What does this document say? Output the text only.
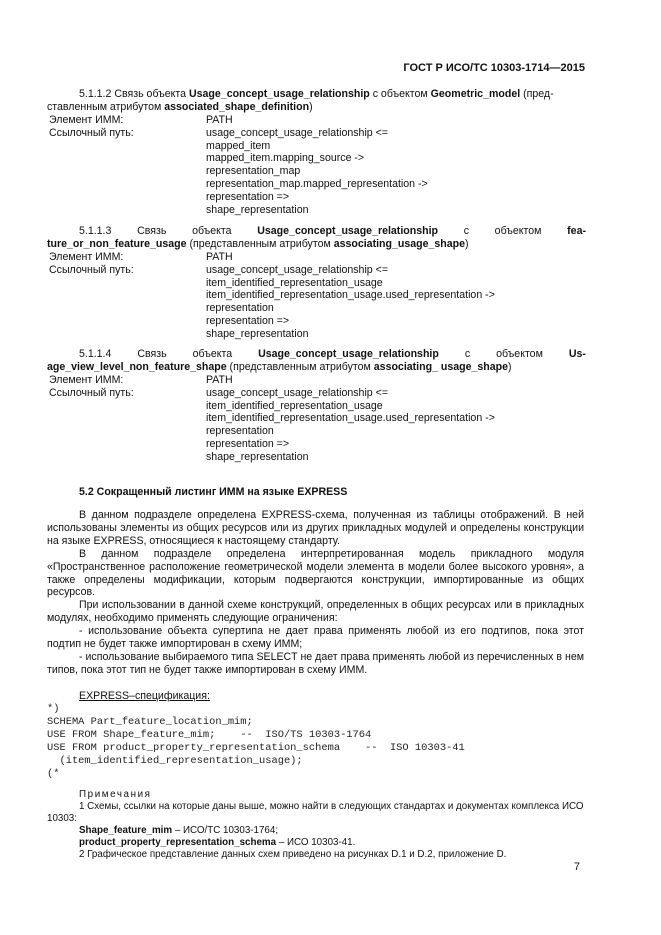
ГОСТ Р ИСО/ТС 10303-1714—2015
5.1.1.2 Связь объекта Usage_concept_usage_relationship с объектом Geometric_model (пред-
ставленным атрибутом associated_shape_definition)
Элемент ИММ:	PATH
Ссылочный путь:	usage_concept_usage_relationship <=
mapped_item
mapped_item.mapping_source ->
representation_map
representation_map.mapped_representation ->
representation =>
shape_representation
5.1.1.3 Связь объекта Usage_concept_usage_relationship с объектом fea-
ture_or_non_feature_usage (представленным атрибутом associating_usage_shape)
Элемент ИММ:	PATH
Ссылочный путь:	usage_concept_usage_relationship <=
item_identified_representation_usage
item_identified_representation_usage.used_representation ->
representation
representation =>
shape_representation
5.1.1.4 Связь объекта Usage_concept_usage_relationship с объектом Us-
age_view_level_non_feature_shape (представленным атрибутом associating_ usage_shape)
Элемент ИММ:	PATH
Ссылочный путь:	usage_concept_usage_relationship <=
item_identified_representation_usage
item_identified_representation_usage.used_representation ->
representation
representation =>
shape_representation
5.2 Сокращенный листинг ИММ на языке EXPRESS

В данном подразделе определена EXPRESS-схема, полученная из таблицы отображений. В ней использованы элементы из общих ресурсов или из других прикладных модулей и определены конструкции на языке EXPRESS, относящиеся к настоящему стандарту.

В данном подразделе определена интерпретированная модель прикладного модуля «Пространственное расположение геометрической модели элемента в модели более высокого уровня», а также определены модификации, которым подвергаются конструкции, импортированные из общих ресурсов.

При использовании в данной схеме конструкций, определенных в общих ресурсах или в прикладных модулях, необходимо применять следующие ограничения:

- использование объекта супертипа не дает права применять любой из его подтипов, пока этот подтип не будет также импортирован в схему ИММ;

- использование выбираемого типа SELECT не дает права применять любой из перечисленных в нем типов, пока этот тип не будет также импортирован в схему ИММ.

EXPRESS–спецификация:
*)
SCHEMA Part_feature_location_mim;
USE FROM Shape_feature_mim;    --  ISO/TS 10303-1764
USE FROM product_property_representation_schema    --  ISO 10303-41
(item_identified_representation_usage);
(*
Примечания
1 Схемы, ссылки на которые даны выше, можно найти в следующих стандартах и документах комплекса ИСО 10303:
Shape_feature_mim – ИСО/ТС 10303-1764;
product_property_representation_schema – ИСО 10303-41.
2 Графическое представление данных схем приведено на рисунках D.1 и D.2, приложение D.
7
